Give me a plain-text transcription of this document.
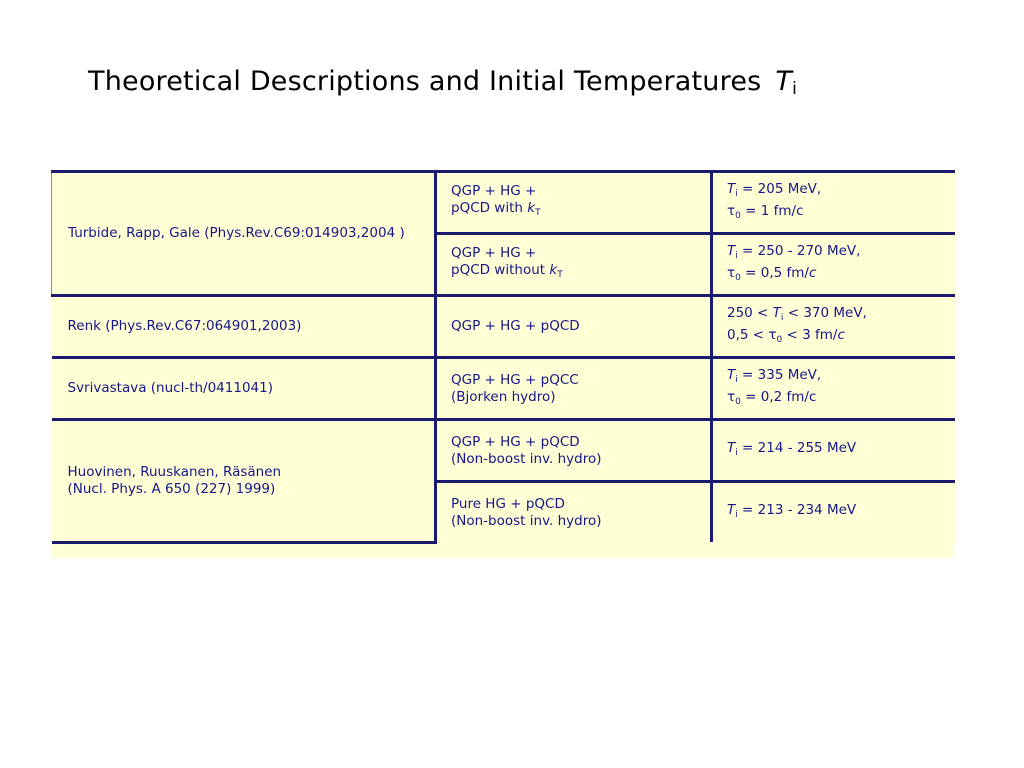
Theoretical Descriptions and Initial Temperatures $T_i$
Turbide, Rapp, Gale (Phys.Rev.C69:014903,2004 )	QGP + HG +
pQCD with $k_T$	$T_i = 205$ MeV,
$\tau_0 = 1$ fm/c

	QGP + HG +
pQCD without $k_T$	$T_i = 250 - 270$ MeV,
$\tau_0 = 0,5$ fm/c

Renk (Phys.Rev.C67:064901,2003)	QGP + HG + pQCD	$250 < T_i < 370$ MeV,
$0,5 < \tau_0 < 3$ fm/c

Svrivastava (nucl-th/0411041)	QGP + HG + pQCC
(Bjorken hydro)	$T_i = 335$ MeV,
$\tau_0 = 0,2$ fm/c

Huovinen, Ruuskanen, Räsänen
(Nucl. Phys. A 650 (227) 1999)	QGP + HG + pQCD
(Non-boost inv. hydro)	$T_i = 214 - 255$ MeV

	Pure HG + pQCD
(Non-boost inv. hydro)	$T_i = 213 - 234$ MeV
